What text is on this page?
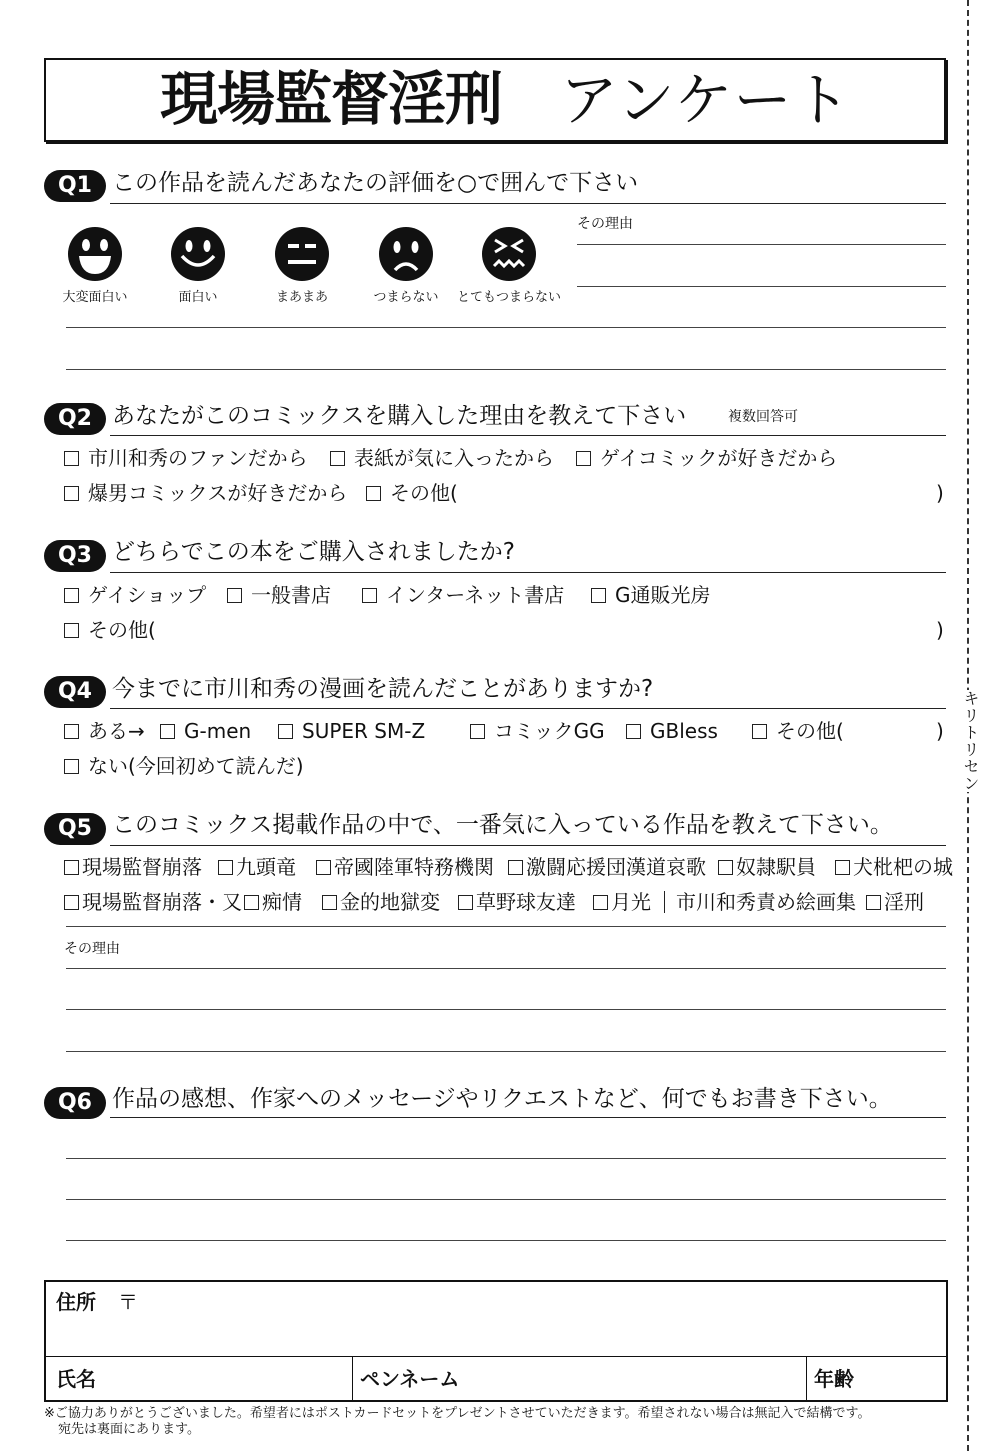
キリトリセン
現場監督淫刑 アンケート
Q1 この作品を読んだあなたの評価を○で囲んで下さい
その理由
大変面白い	面白い	まあまあ	つまらない	とてもつまらない
Q2 あなたがこのコミックスを購入した理由を教えて下さい	複数回答可
市川和秀のファンだから 表紙が気に入ったから ゲイコミックが好きだから
爆男コミックスが好きだから その他(	)
Q3 どちらでこの本をご購入されましたか?
ゲイショップ 一般書店	インターネット書店	G通販光房
その他(	)
Q4 今までに市川和秀の漫画を読んだことがありますか?
ある→ G-men	SUPER SM-Z	コミックGG GBless	その他(	)
ない(今回初めて読んだ)
Q5 このコミックス掲載作品の中で、一番気に入っている作品を教えて下さい。
現場監督崩落 九頭竜 帝國陸軍特務機関 激闘応援団漢道哀歌 奴隷駅員 犬枇杷の城
現場監督崩落・又 痴情 金的地獄変 草野球友達 月光 市川和秀責め絵画集 淫刑
その理由
Q6 作品の感想、作家へのメッセージやリクエストなど、何でもお書き下さい。
住所 〒
氏名	ペンネーム	年齢
※ご協力ありがとうございました。希望者にはポストカードセットをプレゼントさせていただきます。希望されない場合は無記入で結構です。
宛先は裏面にあります。
